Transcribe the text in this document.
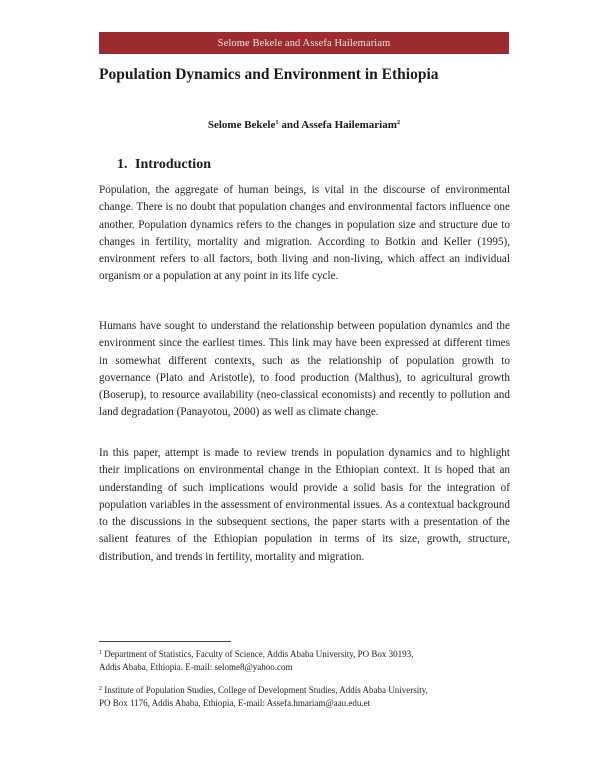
Selome Bekele and Assefa Hailemariam
Population Dynamics and Environment in Ethiopia
Selome Bekele$^1$ and Assefa Hailemariam$^2$
1. Introduction

Population, the aggregate of human beings, is vital in the discourse of environmental change. There is no doubt that population changes and environmental factors influence one another. Population dynamics refers to the changes in population size and structure due to changes in fertility, mortality and migration. According to Botkin and Keller (1995), environment refers to all factors, both living and non-living, which affect an individual organism or a population at any point in its life cycle.

Humans have sought to understand the relationship between population dynamics and the environment since the earliest times. This link may have been expressed at different times in somewhat different contexts, such as the relationship of population growth to governance (Plato and Aristotle), to food production (Malthus), to agricultural growth (Boserup), to resource availability (neo-classical economists) and recently to pollution and land degradation (Panayotou, 2000) as well as climate change.

In this paper, attempt is made to review trends in population dynamics and to highlight their implications on environmental change in the Ethiopian context. It is hoped that an understanding of such implications would provide a solid basis for the integration of population variables in the assessment of environmental issues. As a contextual background to the discussions in the subsequent sections, the paper starts with a presentation of the salient features of the Ethiopian population in terms of its size, growth, structure, distribution, and trends in fertility, mortality and migration.

$^1$ Department of Statistics, Faculty of Science, Addis Ababa University, PO Box 30193,
Addis Ababa, Ethiopia. E-mail: selome8@yahoo.com
$^2$ Institute of Population Studies, College of Development Studies, Addis Ababa University,
PO Box 1176, Addis Ababa, Ethiopia, E-mail: Assefa.hmariam@aau.edu.et
